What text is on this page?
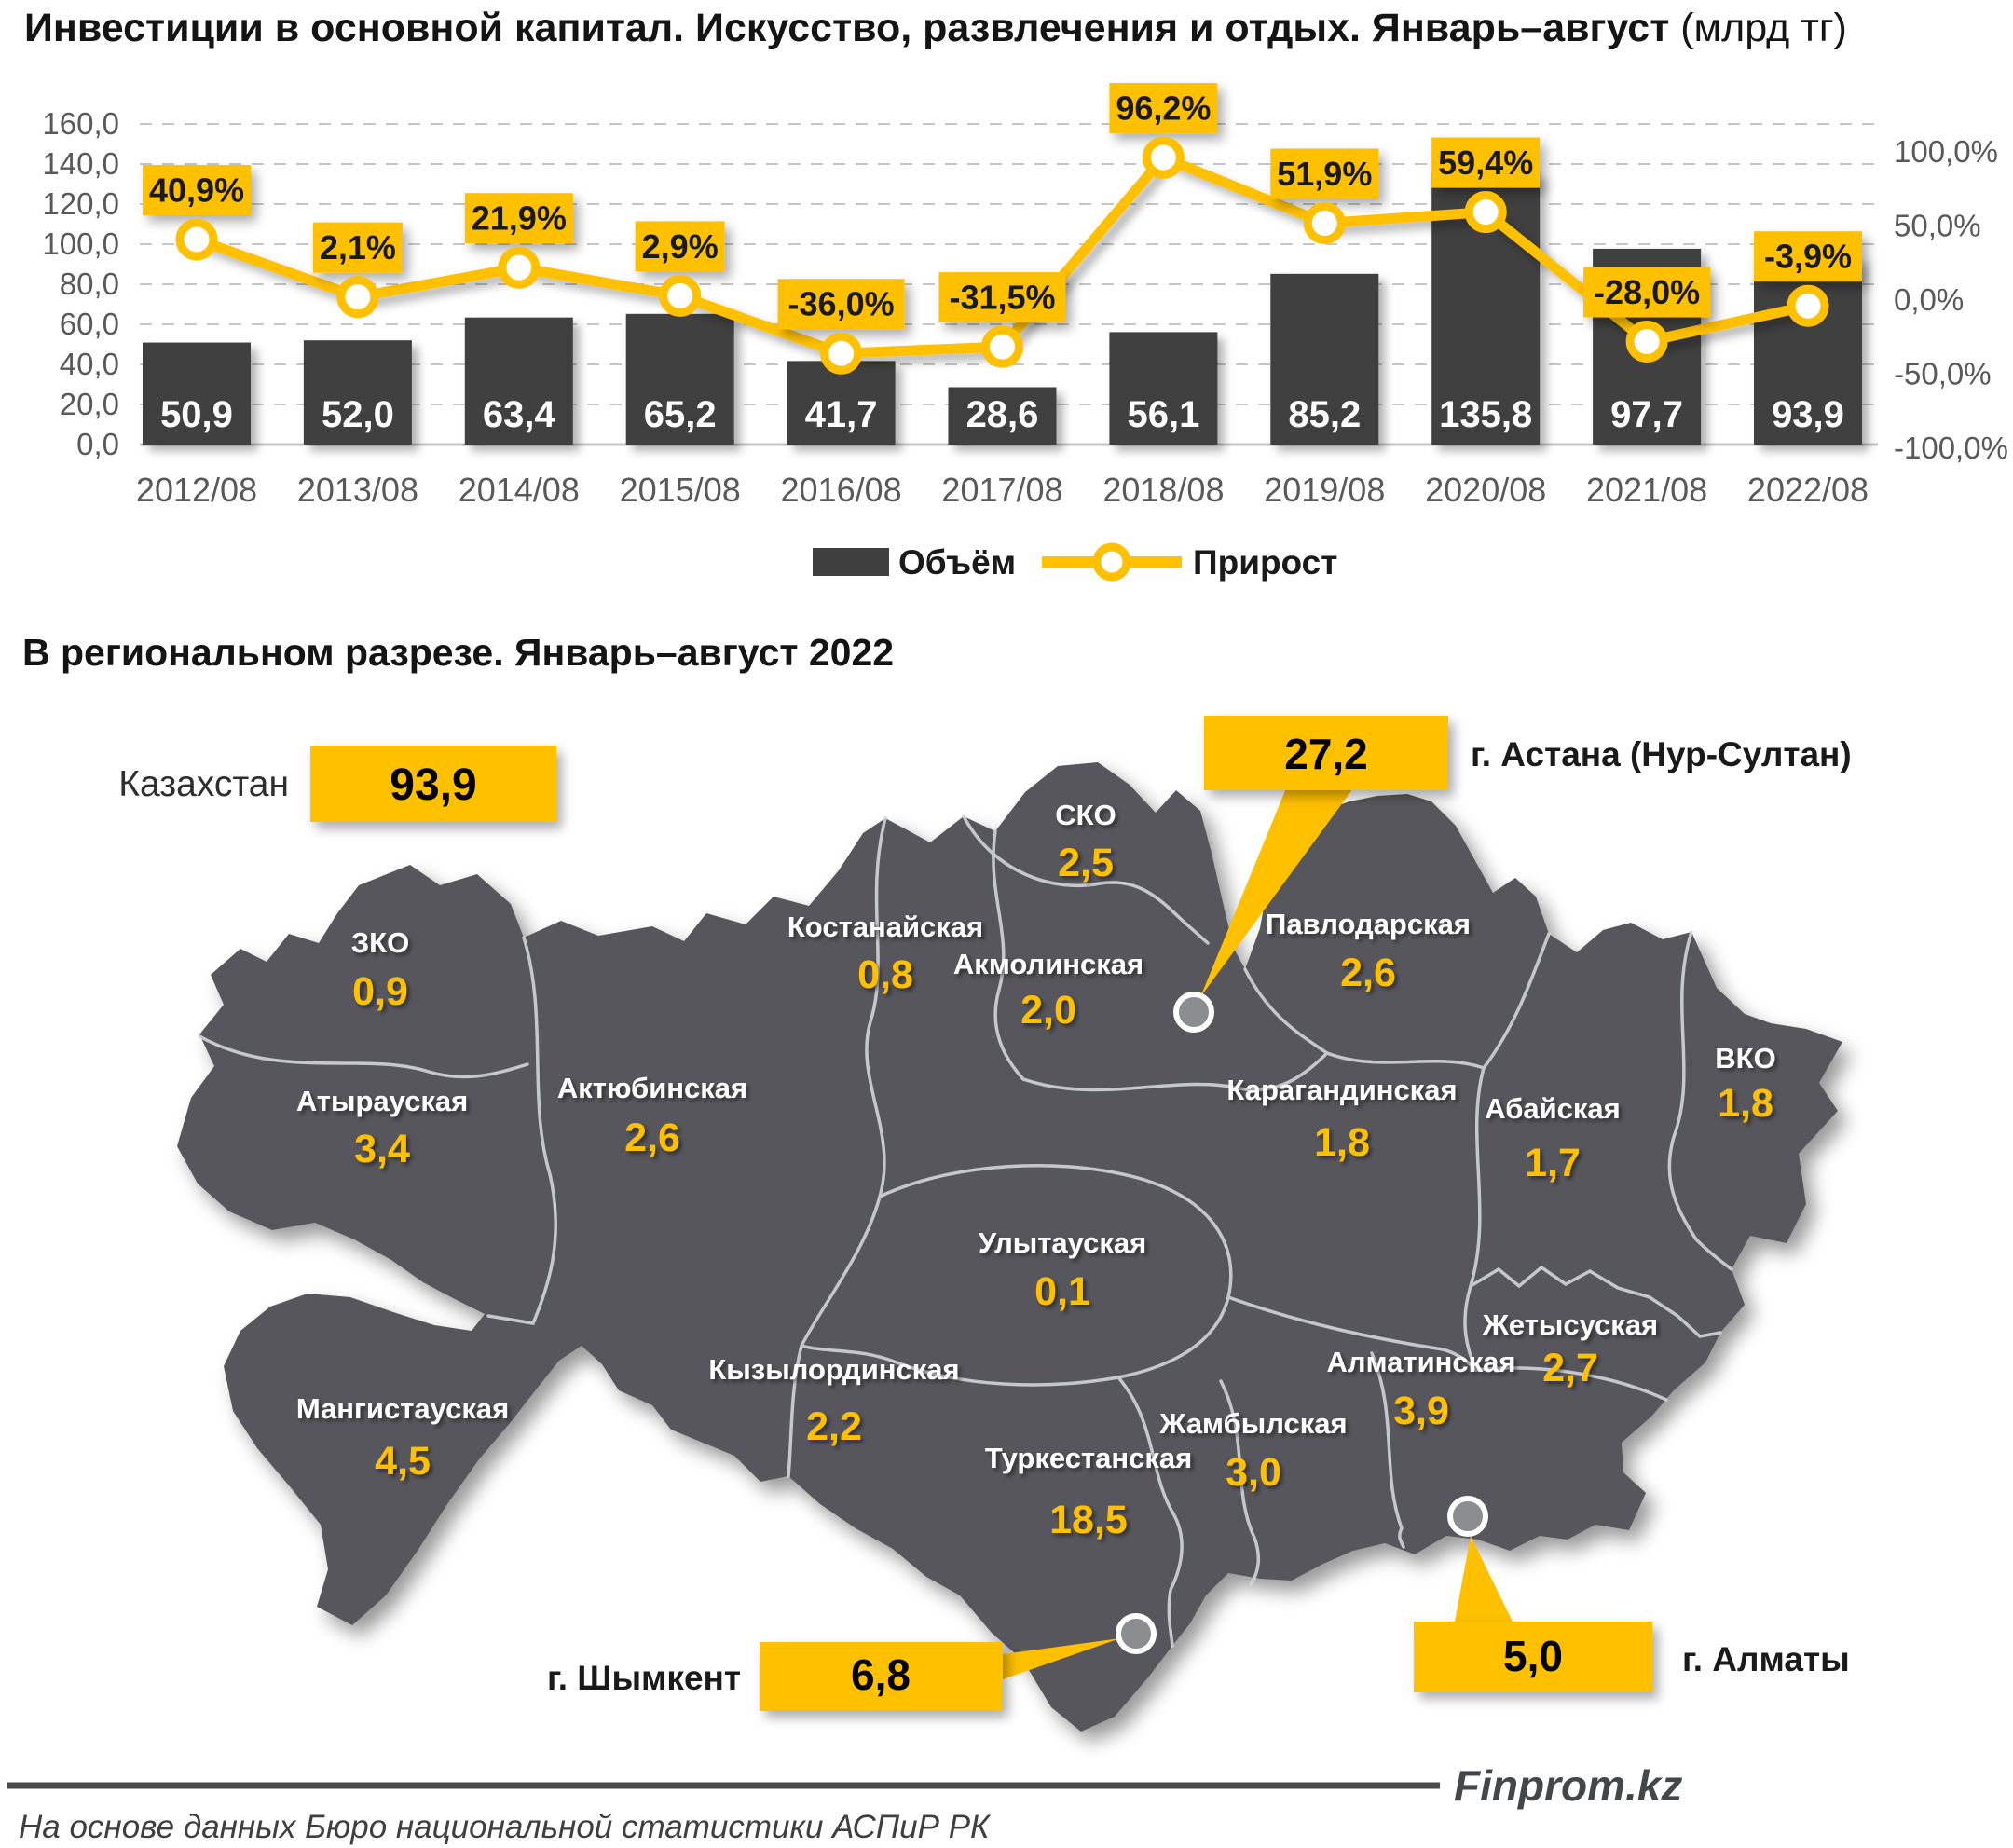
Инвестиции в основной капитал. Искусство, развлечения и отдых. Январь–август (млрд тг)
0,0
20,0
40,0
60,0
80,0
100,0
120,0
140,0
160,0
-100,0%
-50,0%
0,0%
50,0%
100,0%
50,9 52,0 63,4 65,2 41,7 28,6 56,1 85,2 135,8 97,7 93,9
40,9%
2,1%
21,9%
2,9%
-36,0% -31,5%
96,2%
51,9% 59,4%
-28,0%
-3,9%
2012/08 2013/08 2014/08 2015/08 2016/08 2017/08 2018/08 2019/08 2020/08 2021/08 2022/08
Объём	Прирост
В региональном разрезе. Январь–август 2022
СКО
2,5
Костанайская
0,8 Акмолинская
2,0
Павлодарская
2,6
ЗКО
0,9
Атырауская
3,4
Актюбинская
2,6
Карагандинская
1,8
Абайская
1,7
ВКО
1,8
Улытауская
0,1
Жетысуская
2,7
Кызылординская
2,2
Алматинская
3,9
Мангистауская
4,5
Жамбылская
3,0
Туркестанская
18,5
Казахстан 93,9
27,2	г. Астана (Нур-Султан)
5,0	г. Алматы
6,8
г. Шымкент
Finprom.kz
На основе данных Бюро национальной статистики АСПиР РК
